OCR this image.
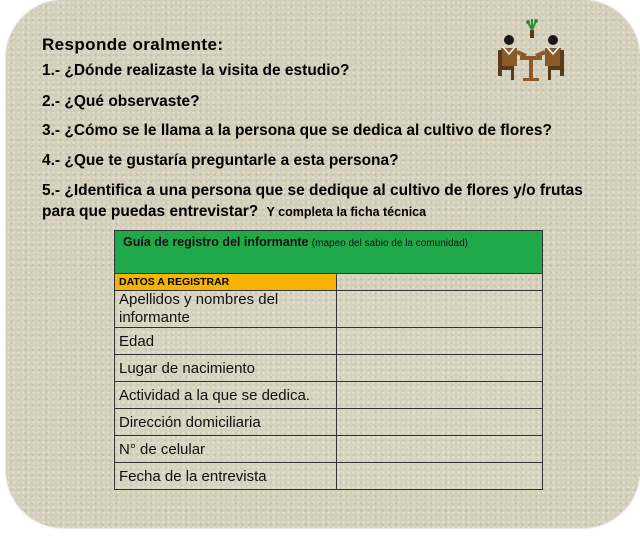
Responde oralmente:

1.- ¿Dónde realizaste la visita de estudio?

2.- ¿Qué observaste?

3.- ¿Cómo se le llama a la persona que se dedica al cultivo de flores?

4.- ¿Que te gustaría preguntarle a esta persona?

5.- ¿Identifica a una persona que se dedique al cultivo de flores y/o frutas para que puedas entrevistar? Y completa la ficha técnica

Guía de registro del informante (mapeo del sabio de la comunidad)	
DATOS A REGISTRAR	
Apellidos y nombres del informante	
Edad	
Lugar de nacimiento	
Actividad a la que se dedica.	
Dirección domiciliaria	
N° de celular	
Fecha de la entrevista	
